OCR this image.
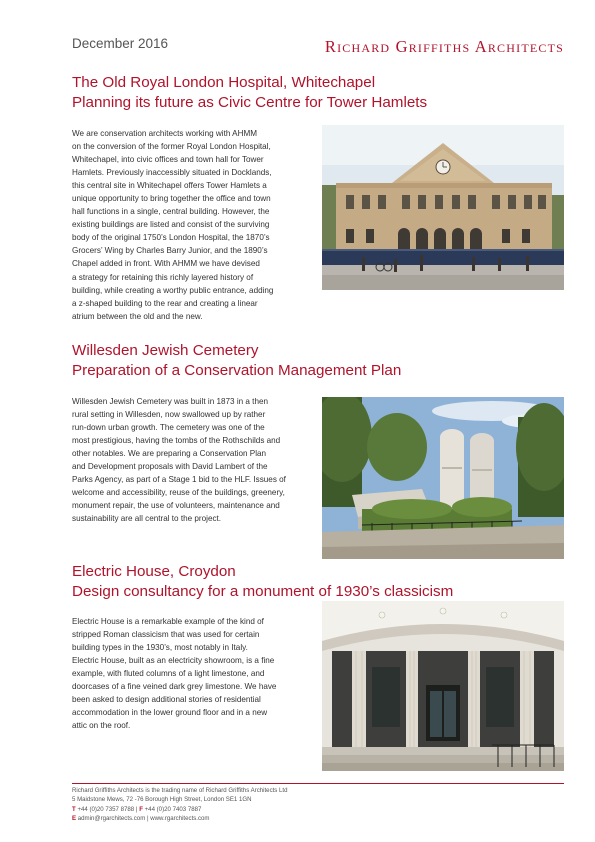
December 2016	Richard Griffiths Architects
The Old Royal London Hospital, Whitechapel
Planning its future as Civic Centre for Tower Hamlets
We are conservation architects working with AHMM
on the conversion of the former Royal London Hospital,
Whitechapel, into civic offices and town hall for Tower
Hamlets. Previously inaccessibly situated in Docklands,
this central site in Whitechapel offers Tower Hamlets a
unique opportunity to bring together the office and town
hall functions in a single, central building. However, the
existing buildings are listed and consist of the surviving
body of the original 1750’s London Hospital, the 1870’s
Grocers’ Wing by Charles Barry Junior, and the 1890’s
Chapel added in front. With AHMM we have devised
a strategy for retaining this richly layered history of
building, while creating a worthy public entrance, adding
a z-shaped building to the rear and creating a linear
atrium between the old and the new.
Willesden Jewish Cemetery
Preparation of a Conservation Management Plan
Willesden Jewish Cemetery was built in 1873 in a then
rural setting in Willesden, now swallowed up by rather
run-down urban growth. The cemetery was one of the
most prestigious, having the tombs of the Rothschilds and
other notables. We are preparing a Conservation Plan
and Development proposals with David Lambert of the
Parks Agency, as part of a Stage 1 bid to the HLF. Issues of
welcome and accessibility, reuse of the buildings, greenery,
monument repair, the use of volunteers, maintenance and
sustainability are all central to the project.
Electric House, Croydon
Design consultancy for a monument of 1930’s classicism
Electric House is a remarkable example of the kind of
stripped Roman classicism that was used for certain
building types in the 1930’s, most notably in Italy.
Electric House, built as an electricity showroom, is a fine
example, with fluted columns of a light limestone, and
doorcases of a fine veined dark grey limestone. We have
been asked to design additional stories of residential
accommodation in the lower ground floor and in a new
attic on the roof.
Richard Griffiths Architects is the trading name of Richard Griffiths Architects Ltd
5 Maidstone Mews, 72 -76 Borough High Street, London SE1 1GN
T +44 (0)20 7357 8788 | F +44 (0)20 7403 7887
E admin@rgarchitects.com | www.rgarchitects.com
